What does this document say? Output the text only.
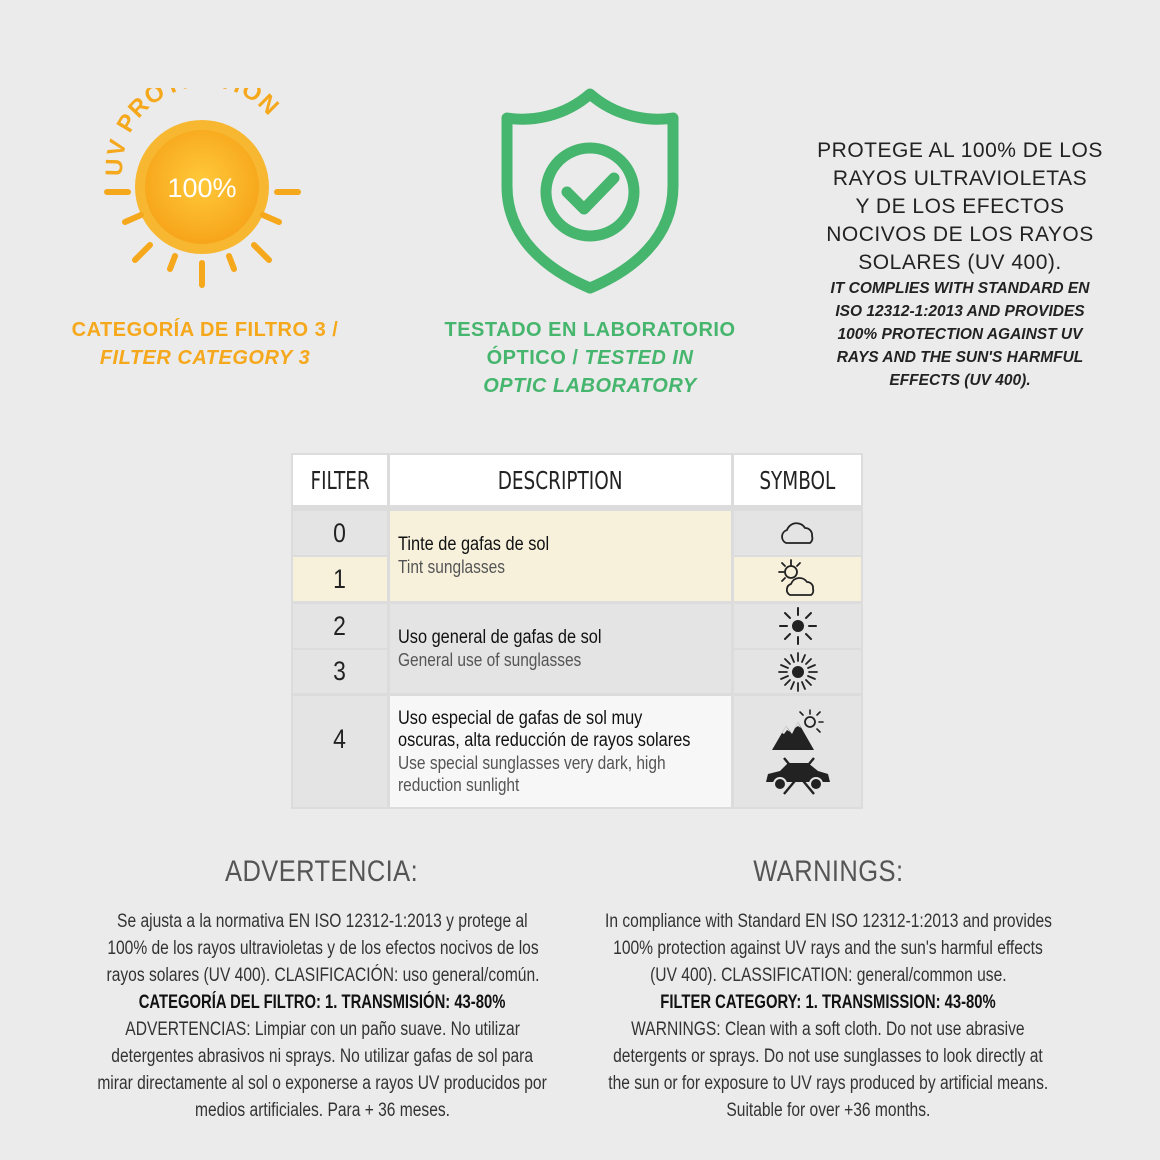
UV PRO ON
100%
CATEGORÍA DE FILTRO 3 /
FILTER CATEGORY 3
TESTADO EN LABORATORIO
ÓPTICO / TESTED IN
OPTIC LABORATORY

PROTEGE AL 100% DE LOS
RAYOS ULTRAVIOLETAS
Y DE LOS EFECTOS
NOCIVOS DE LOS RAYOS
SOLARES (UV 400).

IT COMPLIES WITH STANDARD EN
ISO 12312-1:2013 AND PROVIDES
100% PROTECTION AGAINST UV
RAYS AND THE SUN'S HARMFUL
EFFECTS (UV 400).

FILTER	DESCRIPTION	SYMBOL
0
1
2
3
4
Tinte de gafas de sol
Tint sunglasses
Uso general de gafas de sol
General use of sunglasses
Uso especial de gafas de sol muy
oscuras, alta reducción de rayos solares
Use special sunglasses very dark, high
reduction sunlight
ADVERTENCIA:

Se ajusta a la normativa EN ISO 12312-1:2013 y protege al

100% de los rayos ultravioletas y de los efectos nocivos de los

rayos solares (UV 400). CLASIFICACIÓN: uso general/común.

CATEGORÍA DEL FILTRO: 1. TRANSMISIÓN: 43-80%

ADVERTENCIAS: Limpiar con un paño suave. No utilizar

detergentes abrasivos ni sprays. No utilizar gafas de sol para

mirar directamente al sol o exponerse a rayos UV producidos por

medios artificiales. Para + 36 meses.

WARNINGS:

In compliance with Standard EN ISO 12312-1:2013 and provides

100% protection against UV rays and the sun's harmful effects

(UV 400). CLASSIFICATION: general/common use.

FILTER CATEGORY: 1. TRANSMISSION: 43-80%

WARNINGS: Clean with a soft cloth. Do not use abrasive

detergents or sprays. Do not use sunglasses to look directly at

the sun or for exposure to UV rays produced by artificial means.

Suitable for over +36 months.
